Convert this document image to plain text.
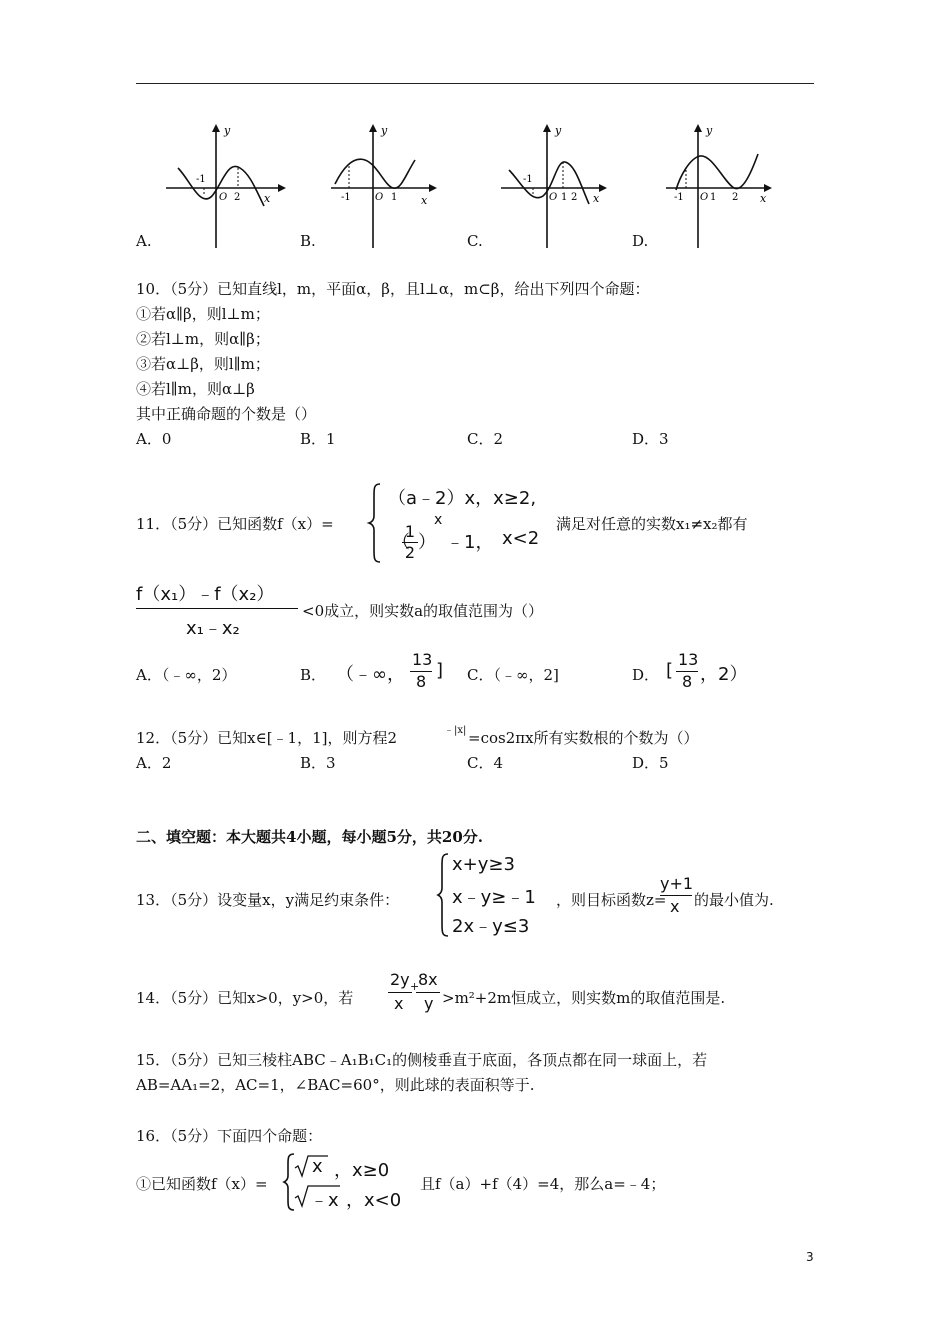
y
x
-1
O 2
A.
y
x
-1 O 1
B.
y
x
-1
O 1 2
C.
y
x
-1 O 1 2
D.
10．（5分）已知直线l，m，平面α，β，且l⊥α，m⊂β，给出下列四个命题：
①若α∥β，则l⊥m；
②若l⊥m，则α∥β；
③若α⊥β，则l∥m；
④若l∥m，则α⊥β
其中正确命题的个数是（）
A．0	B．1	C．2	D．3
11．（5分）已知函数f（x）=
（a﹣2）x，x≥2,
（
1
2 ）
x
﹣1， x<2
满足对任意的实数x₁≠x₂都有
f（x₁）﹣f（x₂）
x₁﹣x₂
<0成立，则实数a的取值范围为（）
A．（﹣∞，2）	B． （﹣∞，
13
8
] C．（﹣∞，2]	D． [
13
8 ，2）
12．（5分）已知x∈[﹣1，1]，则方程2	﹣|x| =cos2πx所有实数根的个数为（）
A．2	B．3	C．4	D．5
二、填空题：本大题共4小题，每小题5分，共20分.
13．（5分）设变量x，y满足约束条件：
x+y≥3
x﹣y≥﹣1
2x﹣y≤3
，则目标函数z=
y+1
x 的最小值为.
14．（5分）已知x>0，y>0，若
2y
x
+
8x
y >m²+2m恒成立，则实数m的取值范围是.
15．（5分）已知三棱柱ABC﹣A₁B₁C₁的侧棱垂直于底面，各顶点都在同一球面上，若
AB=AA₁=2，AC=1，∠BAC=60°，则此球的表面积等于.
16．（5分）下面四个命题：
①已知函数f（x）=
x ，x≥0
﹣x ，x<0
且f（a）+f（4）=4，那么a=﹣4；
3
